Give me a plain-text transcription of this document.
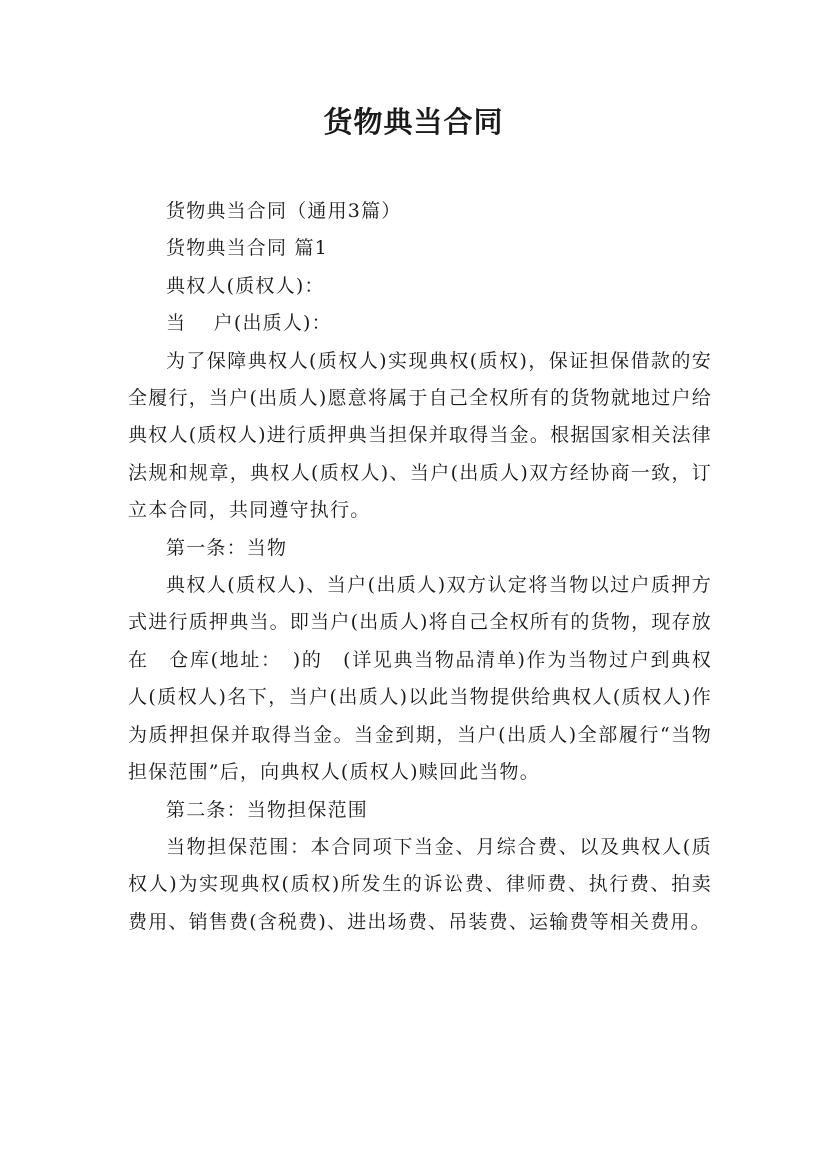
货物典当合同

货物典当合同（通用3篇）

货物典当合同 篇1

典权人(质权人)：

当　 户(出质人)：

为了保障典权人(质权人)实现典权(质权)，保证担保借款的安全履行，当户(出质人)愿意将属于自己全权所有的货物就地过户给典权人(质权人)进行质押典当担保并取得当金。根据国家相关法律法规和规章，典权人(质权人)、当户(出质人)双方经协商一致，订立本合同，共同遵守执行。

第一条：当物

典权人(质权人)、当户(出质人)双方认定将当物以过户质押方式进行质押典当。即当户(出质人)将自己全权所有的货物，现存放在　仓库(地址：　)的　(详见典当物品清单)作为当物过户到典权人(质权人)名下，当户(出质人)以此当物提供给典权人(质权人)作为质押担保并取得当金。当金到期，当户(出质人)全部履行“当物担保范围”后，向典权人(质权人)赎回此当物。

第二条：当物担保范围

当物担保范围：本合同项下当金、月综合费、以及典权人(质权人)为实现典权(质权)所发生的诉讼费、律师费、执行费、拍卖费用、销售费(含税费)、进出场费、吊装费、运输费等相关费用。
